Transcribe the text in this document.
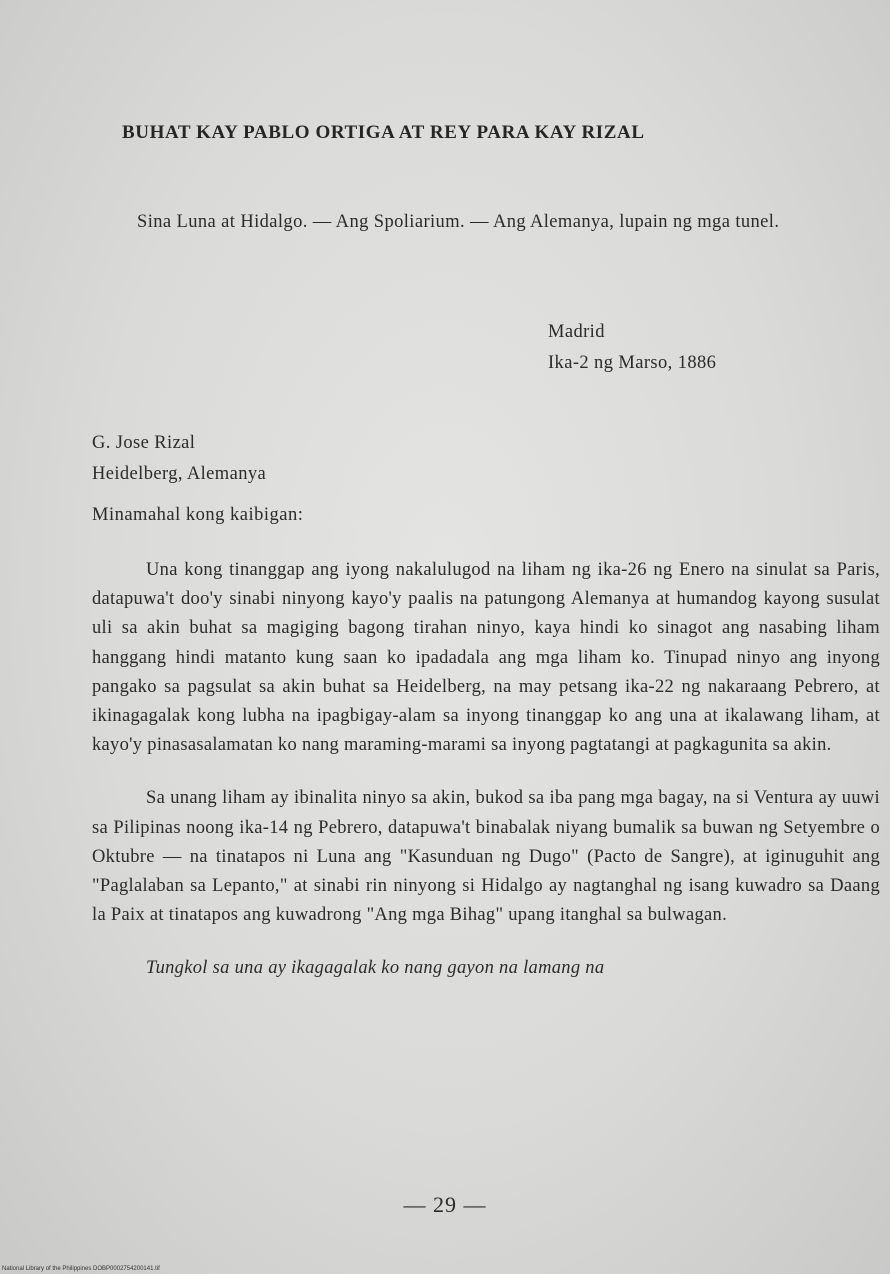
BUHAT KAY PABLO ORTIGA AT REY PARA KAY RIZAL

Sina Luna at Hidalgo. — Ang Spoliarium. — Ang Alemanya, lupain ng mga tunel.

Madrid
Ika-2 ng Marso, 1886
G. Jose Rizal
Heidelberg, Alemanya
Minamahal kong kaibigan:

Una kong tinanggap ang iyong nakalulugod na liham ng ika-26 ng Enero na sinulat sa Paris, datapuwa't doo'y sinabi ninyong kayo'y paalis na patungong Alemanya at humandog kayong susulat uli sa akin buhat sa magiging bagong tirahan ninyo, kaya hindi ko sinagot ang nasabing liham hanggang hindi matanto kung saan ko ipadadala ang mga liham ko. Tinupad ninyo ang inyong pangako sa pagsulat sa akin buhat sa Heidelberg, na may petsang ika-22 ng nakaraang Pebrero, at ikinagagalak kong lubha na ipagbigay-alam sa inyong tinanggap ko ang una at ikalawang liham, at kayo'y pinasasalamatan ko nang maraming-marami sa inyong pagtatangi at pagkagunita sa akin.

Sa unang liham ay ibinalita ninyo sa akin, bukod sa iba pang mga bagay, na si Ventura ay uuwi sa Pilipinas noong ika-14 ng Pebrero, datapuwa't binabalak niyang bumalik sa buwan ng Setyembre o Oktubre — na tinatapos ni Luna ang "Kasunduan ng Dugo" (Pacto de Sangre), at iginuguhit ang "Paglalaban sa Lepanto," at sinabi rin ninyong si Hidalgo ay nagtanghal ng isang kuwadro sa Daang la Paix at tinatapos ang kuwadrong "Ang mga Bihag" upang itanghal sa bulwagan.

Tungkol sa una ay ikagagalak ko nang gayon na lamang na

— 29 —
National Library of the Philippines DOBP0002754200141.tif
